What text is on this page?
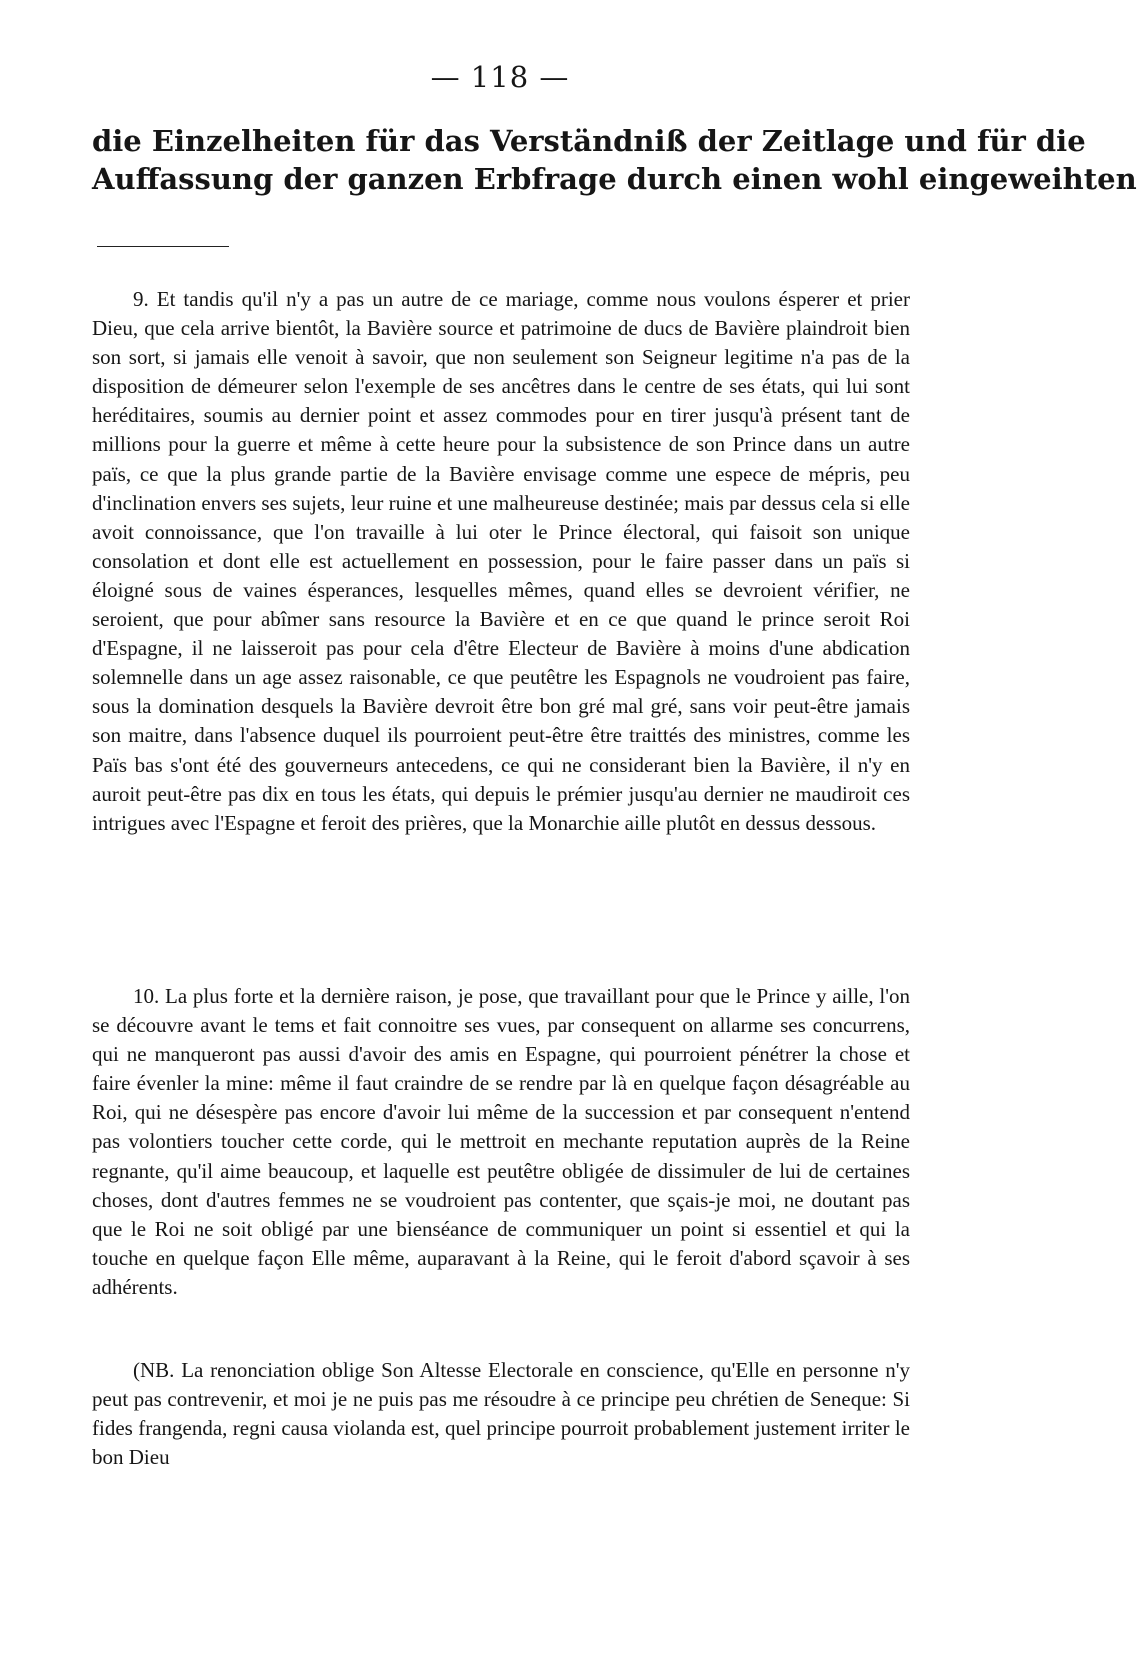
— 118 —
die Einzelheiten für das Verständniß der Zeitlage und für die
Auffassung der ganzen Erbfrage durch einen wohl eingeweihten

9. Et tandis qu'il n'y a pas un autre de ce mariage, comme nous voulons ésperer et prier Dieu, que cela arrive bientôt, la Bavière source et patrimoine de ducs de Bavière plaindroit bien son sort, si jamais elle venoit à savoir, que non seulement son Seigneur legitime n'a pas de la disposition de démeurer selon l'exemple de ses ancêtres dans le centre de ses états, qui lui sont heréditaires, soumis au dernier point et assez commodes pour en tirer jusqu'à présent tant de millions pour la guerre et même à cette heure pour la subsistence de son Prince dans un autre païs, ce que la plus grande partie de la Bavière envisage comme une espece de mépris, peu d'inclination envers ses sujets, leur ruine et une malheureuse destinée; mais par dessus cela si elle avoit connoissance, que l'on travaille à lui oter le Prince électoral, qui faisoit son unique consolation et dont elle est actuellement en possession, pour le faire passer dans un païs si éloigné sous de vaines ésperances, lesquelles mêmes, quand elles se devroient vérifier, ne seroient, que pour abîmer sans resource la Bavière et en ce que quand le prince seroit Roi d'Espagne, il ne laisseroit pas pour cela d'être Electeur de Bavière à moins d'une abdication solemnelle dans un age assez raisonable, ce que peutêtre les Espagnols ne voudroient pas faire, sous la domination desquels la Bavière devroit être bon gré mal gré, sans voir peut-être jamais son maitre, dans l'absence duquel ils pourroient peut-être être traittés des ministres, comme les Païs bas s'ont été des gouverneurs antecedens, ce qui ne considerant bien la Bavière, il n'y en auroit peut-être pas dix en tous les états, qui depuis le prémier jusqu'au dernier ne maudiroit ces intrigues avec l'Espagne et feroit des prières, que la Monarchie aille plutôt en dessus dessous.

10. La plus forte et la dernière raison, je pose, que travaillant pour que le Prince y aille, l'on se découvre avant le tems et fait connoitre ses vues, par consequent on allarme ses concurrens, qui ne manqueront pas aussi d'avoir des amis en Espagne, qui pourroient pénétrer la chose et faire évenler la mine: même il faut craindre de se rendre par là en quelque façon désagréable au Roi, qui ne désespère pas encore d'avoir lui même de la succession et par consequent n'entend pas volontiers toucher cette corde, qui le mettroit en mechante reputation auprès de la Reine regnante, qu'il aime beaucoup, et laquelle est peutêtre obligée de dissimuler de lui de certaines choses, dont d'autres femmes ne se voudroient pas contenter, que sçais-je moi, ne doutant pas que le Roi ne soit obligé par une bienséance de communiquer un point si essentiel et qui la touche en quelque façon Elle même, auparavant à la Reine, qui le feroit d'abord sçavoir à ses adhérents.

(NB. La renonciation oblige Son Altesse Electorale en conscience, qu'Elle en personne n'y peut pas contrevenir, et moi je ne puis pas me résoudre à ce principe peu chrétien de Seneque: Si fides frangenda, regni causa violanda est, quel principe pourroit probablement justement irriter le bon Dieu
